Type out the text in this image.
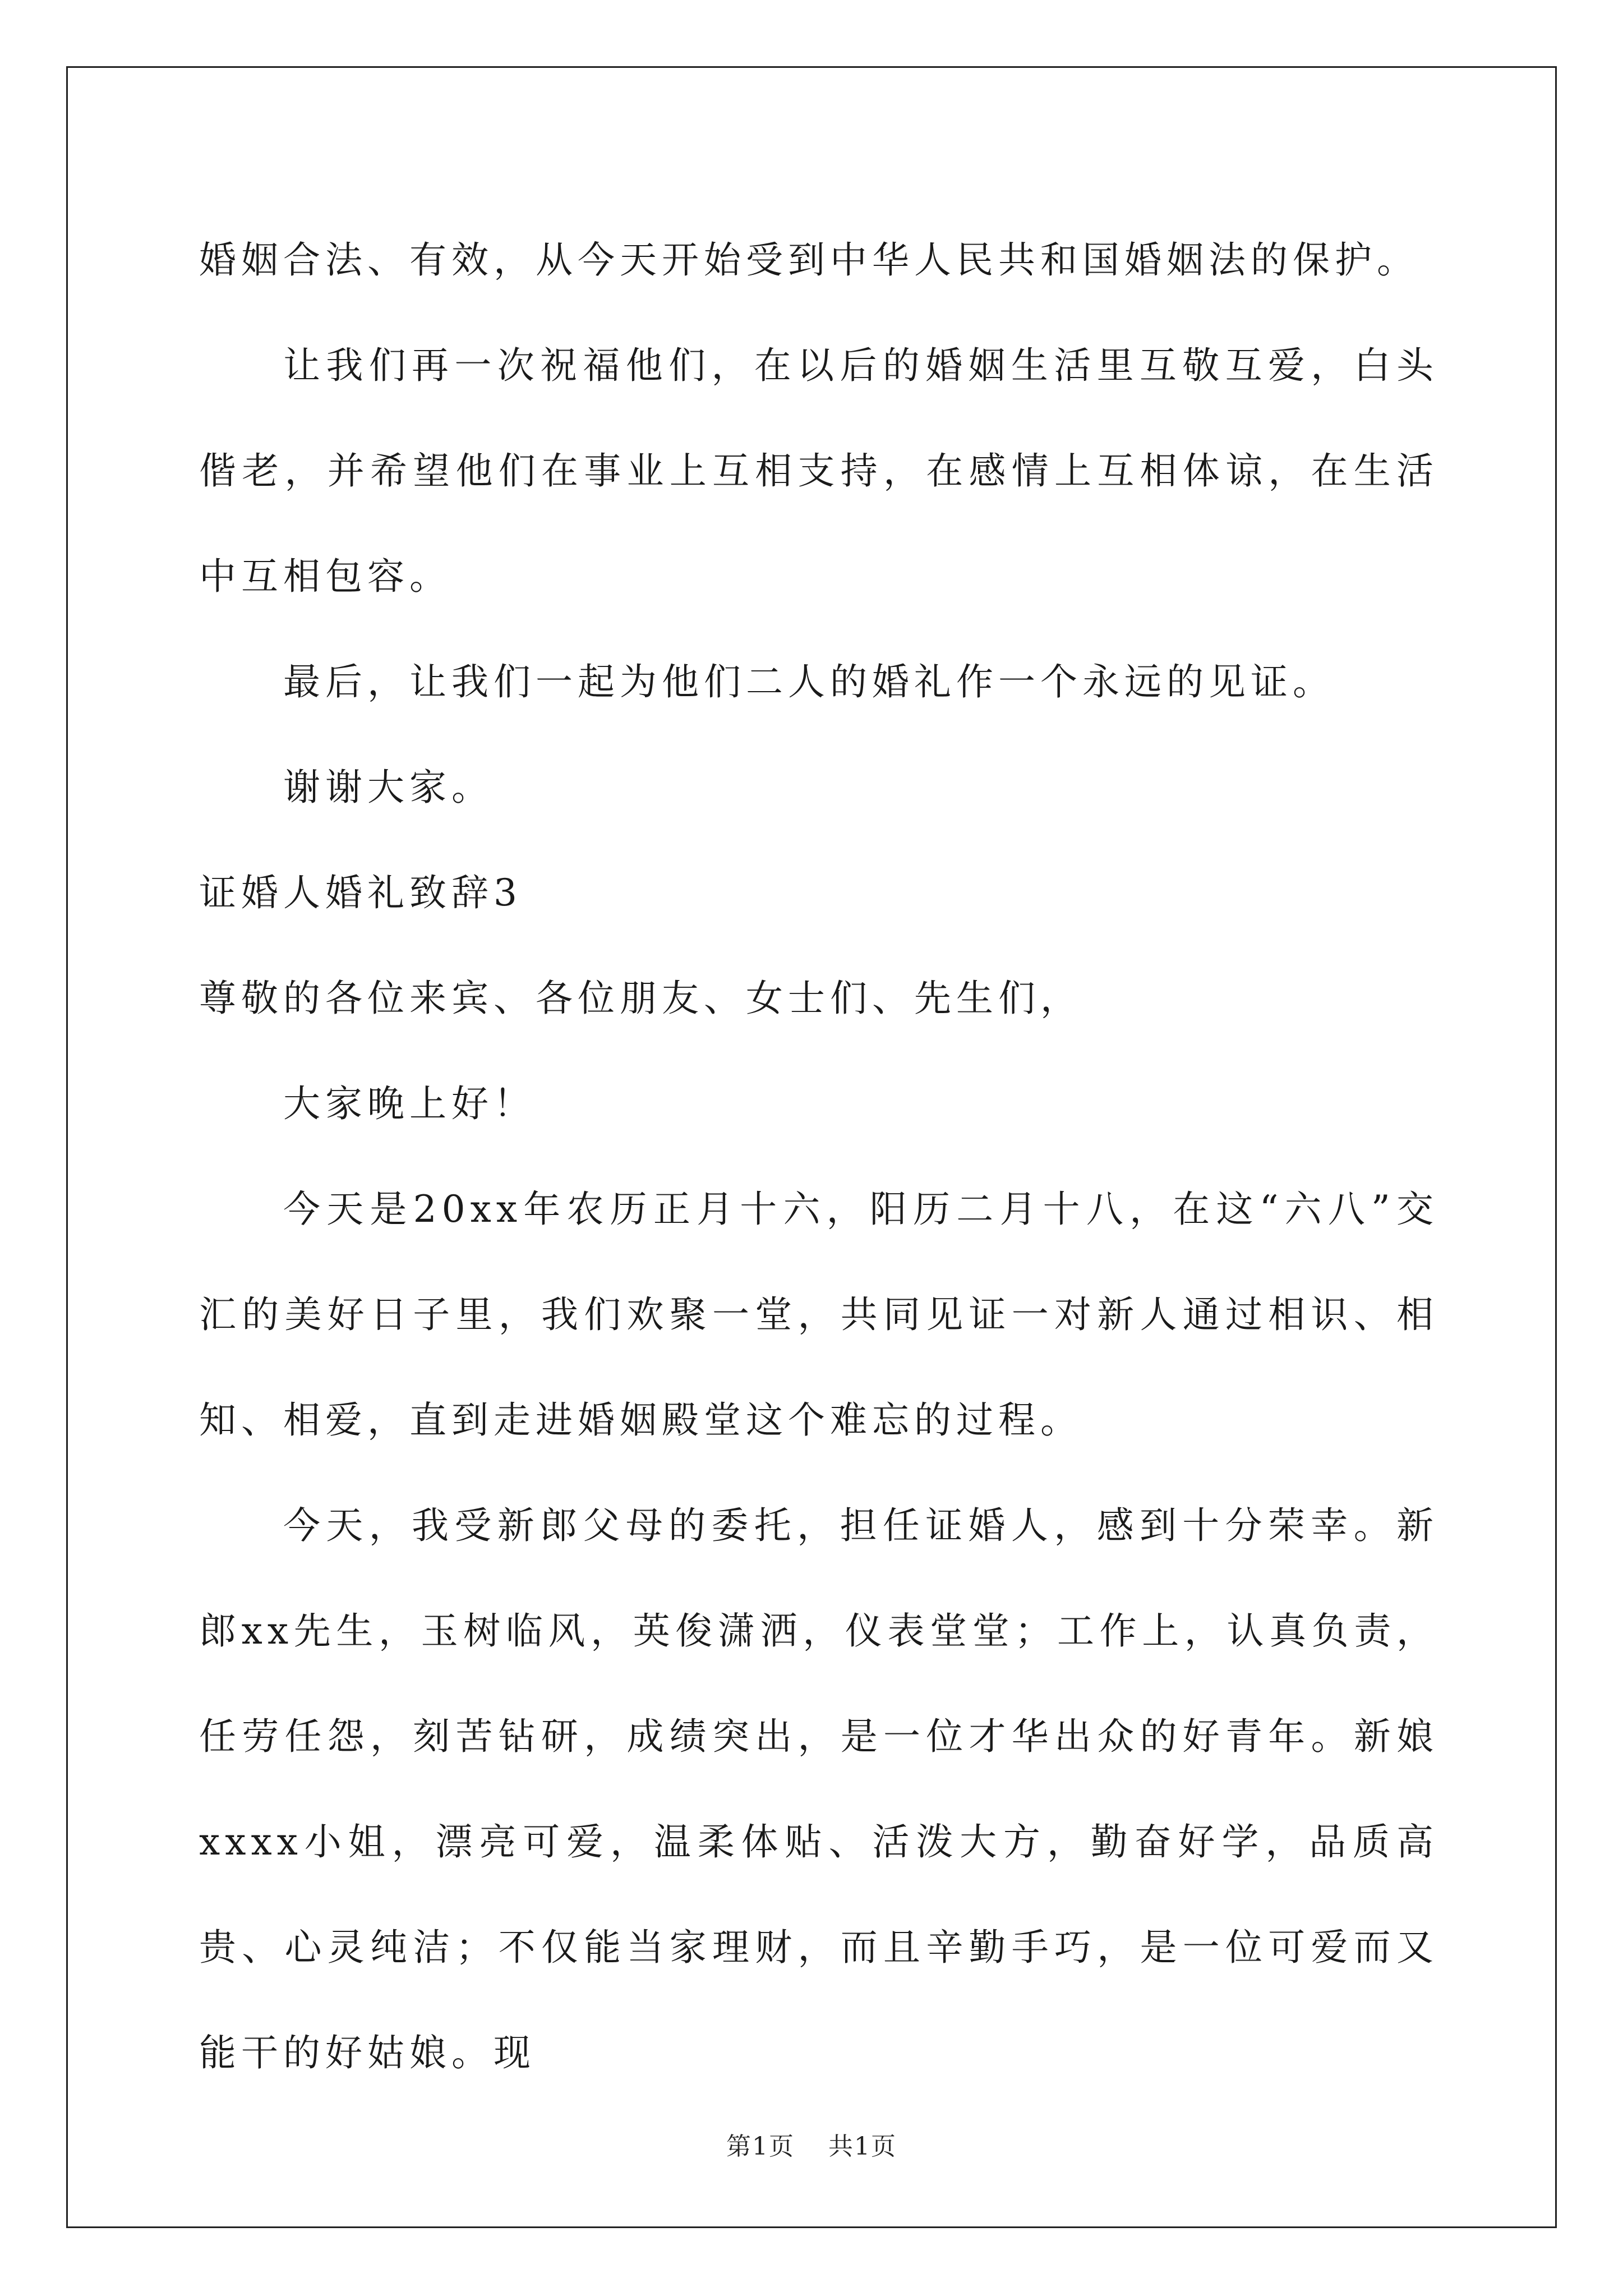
婚姻合法、有效，从今天开始受到中华人民共和国婚姻法的保护。

让我们再一次祝福他们，在以后的婚姻生活里互敬互爱，白头偕老，并希望他们在事业上互相支持，在感情上互相体谅，在生活中互相包容。

最后，让我们一起为他们二人的婚礼作一个永远的见证。

谢谢大家。

证婚人婚礼致辞3

尊敬的各位来宾、各位朋友、女士们、先生们，

大家晚上好！

今天是20xx年农历正月十六，阳历二月十八，在这“六八”交汇的美好日子里，我们欢聚一堂，共同见证一对新人通过相识、相知、相爱，直到走进婚姻殿堂这个难忘的过程。

今天，我受新郎父母的委托，担任证婚人，感到十分荣幸。新郎xx先生，玉树临风，英俊潇洒，仪表堂堂；工作上，认真负责，任劳任怨，刻苦钻研，成绩突出，是一位才华出众的好青年。新娘xxxx小姐，漂亮可爱，温柔体贴、活泼大方，勤奋好学，品质高贵、心灵纯洁；不仅能当家理财，而且辛勤手巧，是一位可爱而又能干的好姑娘。现

第1页 共1页
